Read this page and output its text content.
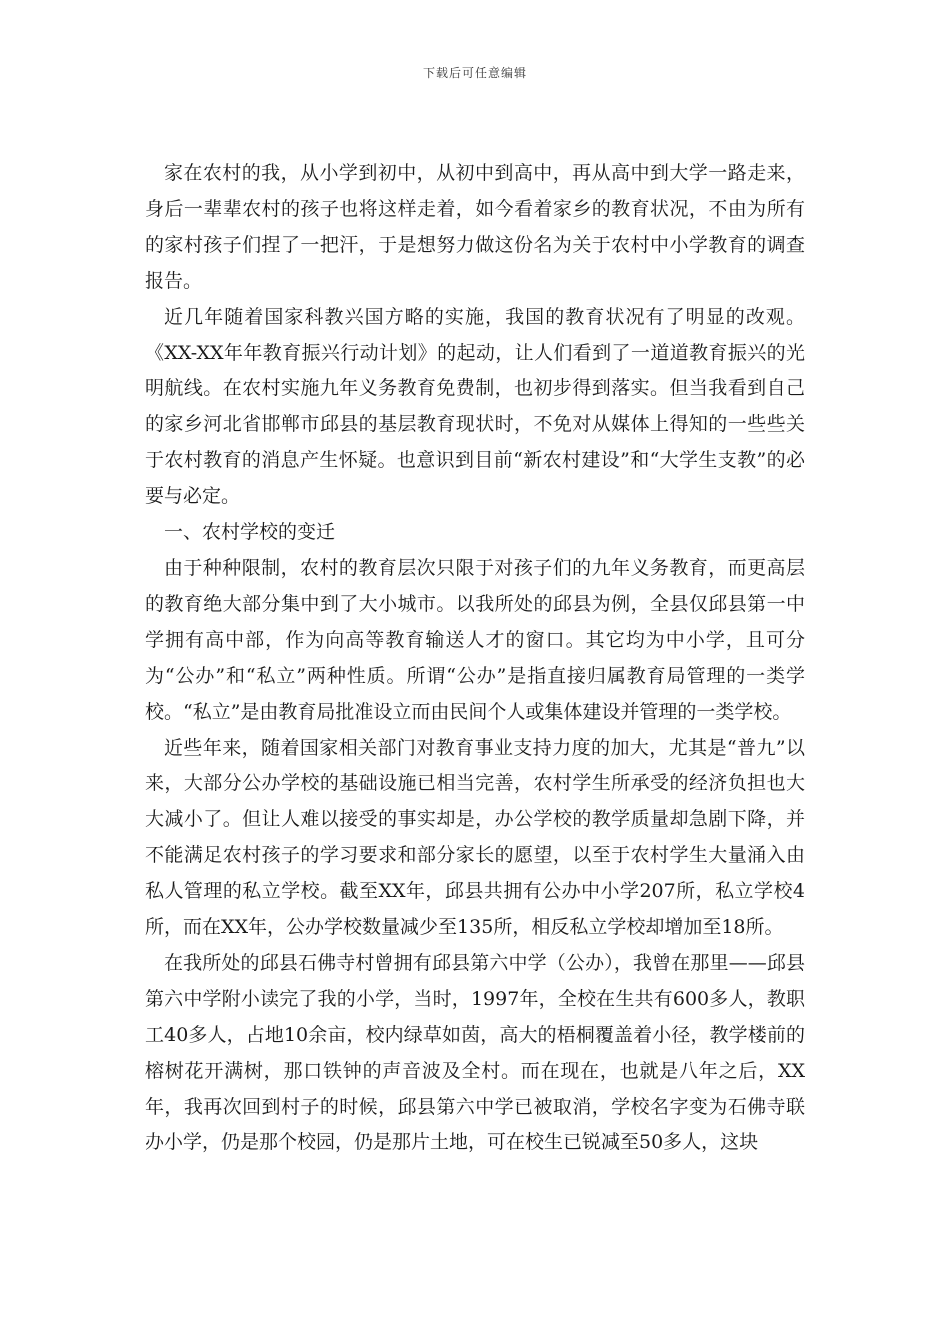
下载后可任意编辑

家在农村的我，从小学到初中，从初中到高中，再从高中到大学一路走来，身后一辈辈农村的孩子也将这样走着，如今看着家乡的教育状况，不由为所有的家村孩子们捏了一把汗，于是想努力做这份名为关于农村中小学教育的调查报告。

近几年随着国家科教兴国方略的实施，我国的教育状况有了明显的改观。《XX-XX年年教育振兴行动计划》的起动，让人们看到了一道道教育振兴的光明航线。在农村实施九年义务教育免费制，也初步得到落实。但当我看到自己的家乡河北省邯郸市邱县的基层教育现状时，不免对从媒体上得知的一些些关于农村教育的消息产生怀疑。也意识到目前“新农村建设”和“大学生支教”的必要与必定。

一、农村学校的变迁

由于种种限制，农村的教育层次只限于对孩子们的九年义务教育，而更高层的教育绝大部分集中到了大小城市。以我所处的邱县为例，全县仅邱县第一中学拥有高中部，作为向高等教育输送人才的窗口。其它均为中小学，且可分为“公办”和“私立”两种性质。所谓“公办”是指直接归属教育局管理的一类学校。“私立”是由教育局批准设立而由民间个人或集体建设并管理的一类学校。

近些年来，随着国家相关部门对教育事业支持力度的加大，尤其是“普九”以来，大部分公办学校的基础设施已相当完善，农村学生所承受的经济负担也大大减小了。但让人难以接受的事实却是，办公学校的教学质量却急剧下降，并不能满足农村孩子的学习要求和部分家长的愿望，以至于农村学生大量涌入由私人管理的私立学校。截至XX年，邱县共拥有公办中小学207所，私立学校4所，而在XX年，公办学校数量减少至135所，相反私立学校却增加至18所。

在我所处的邱县石佛寺村曾拥有邱县第六中学（公办），我曾在那里——邱县第六中学附小读完了我的小学，当时，1997年，全校在生共有600多人，教职工40多人，占地10余亩，校内绿草如茵，高大的梧桐覆盖着小径，教学楼前的榕树花开满树，那口铁钟的声音波及全村。而在现在，也就是八年之后，XX年，我再次回到村子的时候，邱县第六中学已被取消，学校名字变为石佛寺联办小学，仍是那个校园，仍是那片土地，可在校生已锐减至50多人，这块
